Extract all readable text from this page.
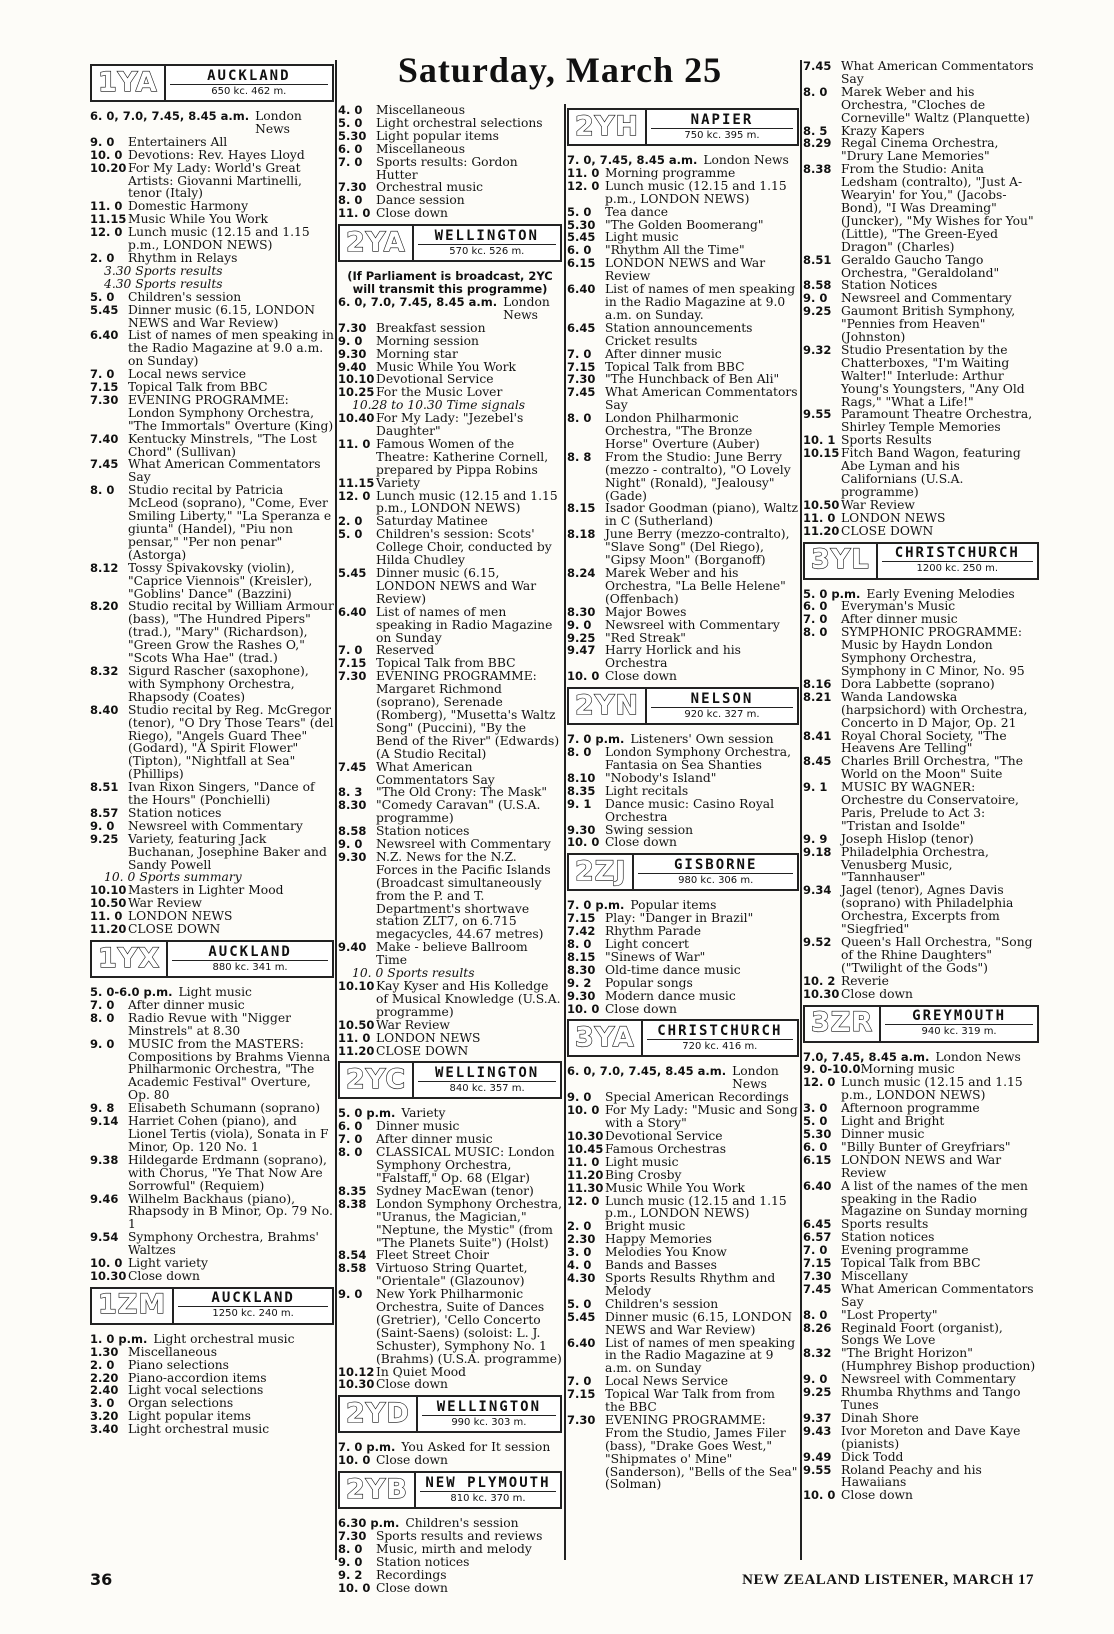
Saturday, March 25
1YA	AUCKLAND
650 kc. 462 m.
6. 0, 7.0, 7.45, 8.45 a.m. London News
9. 0	Entertainers All
10. 0 Devotions: Rev. Hayes Lloyd
10.20 For My Lady: World's Great Artists: Giovanni Martinelli, tenor (Italy)
11. 0 Domestic Harmony
11.15 Music While You Work
12. 0 Lunch music (12.15 and 1.15 p.m., LONDON NEWS)
2. 0	Rhythm in Relays
3.30 Sports results
4.30 Sports results
5. 0	Children's session
5.45 Dinner music (6.15, LONDON NEWS and War Review)
6.40 List of names of men speaking in the Radio Magazine at 9.0 a.m. on Sunday)
7. 0	Local news service
7.15 Topical Talk from BBC
7.30 EVENING PROGRAMME: London Symphony Orchestra, "The Immortals" Overture (King)
7.40 Kentucky Minstrels, "The Lost Chord" (Sullivan)
7.45 What American Commentators Say
8. 0	Studio recital by Patricia McLeod (soprano), "Come, Ever Smiling Liberty," "La Speranza e giunta" (Handel), "Piu non pensar," "Per non penar" (Astorga)
8.12 Tossy Spivakovsky (violin), "Caprice Viennois" (Kreisler), "Goblins' Dance" (Bazzini)
8.20 Studio recital by William Armour (bass), "The Hundred Pipers" (trad.), "Mary" (Richardson), "Green Grow the Rashes O," "Scots Wha Hae" (trad.)
8.32 Sigurd Rascher (saxophone), with Symphony Orchestra, Rhapsody (Coates)
8.40 Studio recital by Reg. McGregor (tenor), "O Dry Those Tears" (del Riego), "Angels Guard Thee" (Godard), "A Spirit Flower" (Tipton), "Nightfall at Sea" (Phillips)
8.51 Ivan Rixon Singers, "Dance of the Hours" (Ponchielli)
8.57 Station notices
9. 0	Newsreel with Commentary
9.25 Variety, featuring Jack Buchanan, Josephine Baker and Sandy Powell
10. 0 Sports summary
10.10 Masters in Lighter Mood
10.50 War Review
11. 0 LONDON NEWS
11.20 CLOSE DOWN
1YX	AUCKLAND
880 kc. 341 m.
5. 0-6.0 p.m. Light music
7. 0	After dinner music
8. 0	Radio Revue with "Nigger Minstrels" at 8.30
9. 0	MUSIC from the MASTERS: Compositions by Brahms Vienna Philharmonic Orchestra, "The Academic Festival" Overture, Op. 80
9. 8	Elisabeth Schumann (soprano)
9.14 Harriet Cohen (piano), and Lionel Tertis (viola), Sonata in F Minor, Op. 120 No. 1
9.38 Hildegarde Erdmann (soprano), with Chorus, "Ye That Now Are Sorrowful" (Requiem)
9.46 Wilhelm Backhaus (piano), Rhapsody in B Minor, Op. 79 No. 1
9.54 Symphony Orchestra, Brahms' Waltzes
10. 0 Light variety
10.30 Close down
1ZM	AUCKLAND
1250 kc. 240 m.
1. 0 p.m. Light orchestral music
1.30 Miscellaneous
2. 0	Piano selections
2.20 Piano-accordion items
2.40 Light vocal selections
3. 0	Organ selections
3.20 Light popular items
3.40 Light orchestral music
4. 0	Miscellaneous
5. 0	Light orchestral selections
5.30 Light popular items
6. 0	Miscellaneous
7. 0	Sports results: Gordon Hutter
7.30 Orchestral music
8. 0	Dance session
11. 0 Close down
2YA	WELLINGTON
570 kc. 526 m.
(If Parliament is broadcast, 2YC will transmit this programme)
6. 0, 7.0, 7.45, 8.45 a.m. London News
7.30 Breakfast session
9. 0	Morning session
9.30 Morning star
9.40 Music While You Work
10.10 Devotional Service
10.25 For the Music Lover
10.28 to 10.30 Time signals
10.40 For My Lady: "Jezebel's Daughter"
11. 0 Famous Women of the Theatre: Katherine Cornell, prepared by Pippa Robins
11.15 Variety
12. 0 Lunch music (12.15 and 1.15 p.m., LONDON NEWS)
2. 0	Saturday Matinee
5. 0	Children's session: Scots' College Choir, conducted by Hilda Chudley
5.45 Dinner music (6.15, LONDON NEWS and War Review)
6.40 List of names of men speaking in Radio Magazine on Sunday
7. 0	Reserved
7.15 Topical Talk from BBC
7.30 EVENING PROGRAMME: Margaret Richmond (soprano), Serenade (Romberg), "Musetta's Waltz Song" (Puccini), "By the Bend of the River" (Edwards) (A Studio Recital)
7.45 What American Commentators Say
8. 3	"The Old Crony: The Mask"
8.30 "Comedy Caravan" (U.S.A. programme)
8.58 Station notices
9. 0	Newsreel with Commentary
9.30 N.Z. News for the N.Z. Forces in the Pacific Islands (Broadcast simultaneously from the P. and T. Department's shortwave station ZLT7, on 6.715 megacycles, 44.67 metres)
9.40 Make - believe Ballroom Time
10. 0 Sports results
10.10 Kay Kyser and His Kolledge of Musical Knowledge (U.S.A. programme)
10.50 War Review
11. 0 LONDON NEWS
11.20 CLOSE DOWN
2YC	WELLINGTON
840 kc. 357 m.
5. 0 p.m. Variety
6. 0	Dinner music
7. 0	After dinner music
8. 0	CLASSICAL MUSIC: London Symphony Orchestra, "Falstaff," Op. 68 (Elgar)
8.35 Sydney MacEwan (tenor)
8.38 London Symphony Orchestra, "Uranus, the Magician," "Neptune, the Mystic" (from "The Planets Suite") (Holst)
8.54 Fleet Street Choir
8.58 Virtuoso String Quartet, "Orientale" (Glazounov)
9. 0	New York Philharmonic Orchestra, Suite of Dances (Gretrier), 'Cello Concerto (Saint-Saens) (soloist: L. J. Schuster), Symphony No. 1 (Brahms) (U.S.A. programme)
10.12 In Quiet Mood
10.30 Close down
2YD	WELLINGTON
990 kc. 303 m.
7. 0 p.m. You Asked for It session
10. 0 Close down
2YB	NEW PLYMOUTH
810 kc. 370 m.
6.30 p.m. Children's session
7.30 Sports results and reviews
8. 0	Music, mirth and melody
9. 0	Station notices
9. 2	Recordings
10. 0 Close down
2YH	NAPIER
750 kc. 395 m.
7. 0, 7.45, 8.45 a.m. London News
11. 0 Morning programme
12. 0 Lunch music (12.15 and 1.15 p.m., LONDON NEWS)
5. 0	Tea dance
5.30 "The Golden Boomerang"
5.45 Light music
6. 0	"Rhythm All the Time"
6.15 LONDON NEWS and War Review
6.40 List of names of men speaking in the Radio Magazine at 9.0 a.m. on Sunday.
6.45 Station announcements Cricket results
7. 0	After dinner music
7.15 Topical Talk from BBC
7.30 "The Hunchback of Ben Ali"
7.45 What American Commentators Say
8. 0	London Philharmonic Orchestra, "The Bronze Horse" Overture (Auber)
8. 8	From the Studio: June Berry (mezzo - contralto), "O Lovely Night" (Ronald), "Jealousy" (Gade)
8.15 Isador Goodman (piano), Waltz in C (Sutherland)
8.18 June Berry (mezzo-contralto), "Slave Song" (Del Riego), "Gipsy Moon" (Borganoff)
8.24 Marek Weber and his Orchestra, "La Belle Helene" (Offenbach)
8.30 Major Bowes
9. 0	Newsreel with Commentary
9.25 "Red Streak"
9.47 Harry Horlick and his Orchestra
10. 0 Close down
2YN	NELSON
920 kc. 327 m.
7. 0 p.m. Listeners' Own session
8. 0	London Symphony Orchestra, Fantasia on Sea Shanties
8.10 "Nobody's Island"
8.35 Light recitals
9. 1	Dance music: Casino Royal Orchestra
9.30 Swing session
10. 0 Close down
2ZJ	GISBORNE
980 kc. 306 m.
7. 0 p.m. Popular items
7.15 Play: "Danger in Brazil"
7.42 Rhythm Parade
8. 0	Light concert
8.15 "Sinews of War"
8.30 Old-time dance music
9. 2	Popular songs
9.30 Modern dance music
10. 0 Close down
3YA	CHRISTCHURCH
720 kc. 416 m.
6. 0, 7.0, 7.45, 8.45 a.m. London News
9. 0	Special American Recordings
10. 0 For My Lady: "Music and Song with a Story"
10.30 Devotional Service
10.45 Famous Orchestras
11. 0 Light music
11.20 Bing Crosby
11.30 Music While You Work
12. 0 Lunch music (12.15 and 1.15 p.m., LONDON NEWS)
2. 0	Bright music
2.30 Happy Memories
3. 0	Melodies You Know
4. 0	Bands and Basses
4.30 Sports Results Rhythm and Melody
5. 0	Children's session
5.45 Dinner music (6.15, LONDON NEWS and War Review)
6.40 List of names of men speaking in the Radio Magazine at 9 a.m. on Sunday
7. 0	Local News Service
7.15 Topical War Talk from from the BBC
7.30 EVENING PROGRAMME: From the Studio, James Filer (bass), "Drake Goes West," "Shipmates o' Mine" (Sanderson), "Bells of the Sea" (Solman)
7.45 What American Commentators Say
8. 0	Marek Weber and his Orchestra, "Cloches de Corneville" Waltz (Planquette)
8. 5	Krazy Kapers
8.29 Regal Cinema Orchestra, "Drury Lane Memories"
8.38 From the Studio: Anita Ledsham (contralto), "Just A-Wearyin' for You," (Jacobs-Bond), "I Was Dreaming" (Juncker), "My Wishes for You" (Little), "The Green-Eyed Dragon" (Charles)
8.51 Geraldo Gaucho Tango Orchestra, "Geraldoland"
8.58 Station Notices
9. 0	Newsreel and Commentary
9.25 Gaumont British Symphony, "Pennies from Heaven" (Johnston)
9.32 Studio Presentation by the Chatterboxes, "I'm Waiting Walter!" Interlude: Arthur Young's Youngsters, "Any Old Rags," "What a Life!"
9.55 Paramount Theatre Orchestra, Shirley Temple Memories
10. 1 Sports Results
10.15 Fitch Band Wagon, featuring Abe Lyman and his Californians (U.S.A. programme)
10.50 War Review
11. 0 LONDON NEWS
11.20 CLOSE DOWN
3YL	CHRISTCHURCH
1200 kc. 250 m.
5. 0 p.m. Early Evening Melodies
6. 0	Everyman's Music
7. 0	After dinner music
8. 0	SYMPHONIC PROGRAMME: Music by Haydn London Symphony Orchestra, Symphony in C Minor, No. 95
8.16 Dora Labbette (soprano)
8.21 Wanda Landowska (harpsichord) with Orchestra, Concerto in D Major, Op. 21
8.41 Royal Choral Society, "The Heavens Are Telling"
8.45 Charles Brill Orchestra, "The World on the Moon" Suite
9. 1	MUSIC BY WAGNER: Orchestre du Conservatoire, Paris, Prelude to Act 3: "Tristan and Isolde"
9. 9	Joseph Hislop (tenor)
9.18 Philadelphia Orchestra, Venusberg Music, "Tannhauser"
9.34 Jagel (tenor), Agnes Davis (soprano) with Philadelphia Orchestra, Excerpts from "Siegfried"
9.52 Queen's Hall Orchestra, "Song of the Rhine Daughters" ("Twilight of the Gods")
10. 2 Reverie
10.30 Close down
3ZR	GREYMOUTH
940 kc. 319 m.
7.0, 7.45, 8.45 a.m. London News
9. 0-10.0 Morning music
12. 0 Lunch music (12.15 and 1.15 p.m., LONDON NEWS)
3. 0	Afternoon programme
5. 0	Light and Bright
5.30 Dinner music
6. 0	"Billy Bunter of Greyfriars"
6.15 LONDON NEWS and War Review
6.40 A list of the names of the men speaking in the Radio Magazine on Sunday morning
6.45 Sports results
6.57 Station notices
7. 0	Evening programme
7.15 Topical Talk from BBC
7.30 Miscellany
7.45 What American Commentators Say
8. 0	"Lost Property"
8.26 Reginald Foort (organist), Songs We Love
8.32 "The Bright Horizon" (Humphrey Bishop production)
9. 0	Newsreel with Commentary
9.25 Rhumba Rhythms and Tango Tunes
9.37 Dinah Shore
9.43 Ivor Moreton and Dave Kaye (pianists)
9.49 Dick Todd
9.55 Roland Peachy and his Hawaiians
10. 0 Close down
36	NEW ZEALAND LISTENER, MARCH 17
